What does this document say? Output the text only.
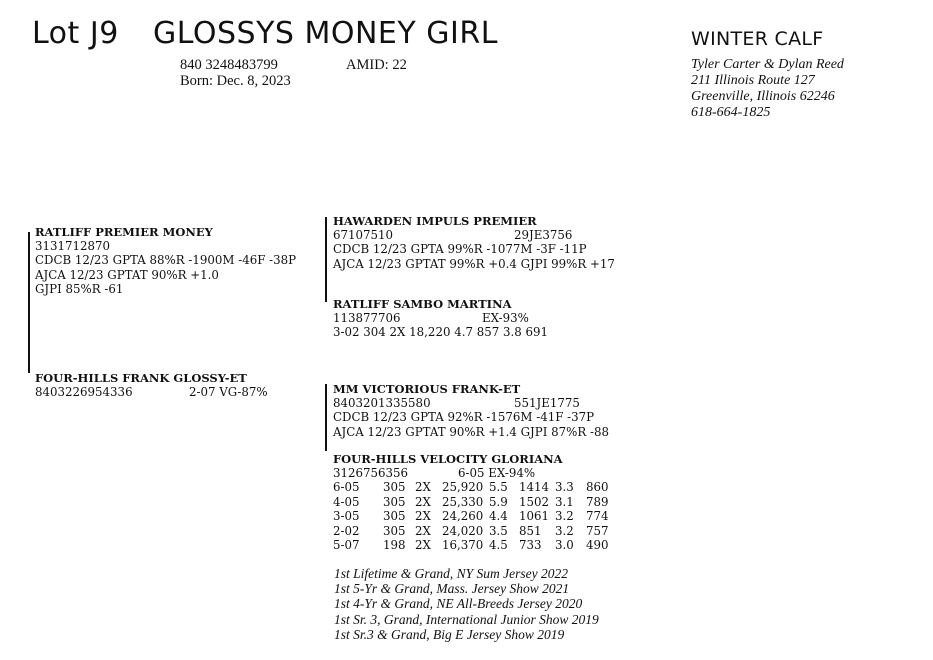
Lot J9 GLOSSYS MONEY GIRL
840 3248483799	AMID: 22
Born: Dec. 8, 2023
WINTER CALF
Tyler Carter & Dylan Reed
211 Illinois Route 127
Greenville, Illinois 62246
618-664-1825
RATLIFF PREMIER MONEY
3131712870
CDCB 12/23 GPTA 88%R -1900M -46F -38P
AJCA 12/23 GPTAT 90%R +1.0
GJPI 85%R -61
HAWARDEN IMPULS PREMIER
67107510	29JE3756
CDCB 12/23 GPTA 99%R -1077M -3F -11P
AJCA 12/23 GPTAT 99%R +0.4 GJPI 99%R +17
RATLIFF SAMBO MARTINA
113877706	EX-93%
3-02 304 2X 18,220 4.7 857 3.8 691
FOUR-HILLS FRANK GLOSSY-ET
8403226954336	2-07 VG-87%	MM VICTORIOUS FRANK-ET
8403201335580	551JE1775
CDCB 12/23 GPTA 92%R -1576M -41F -37P
AJCA 12/23 GPTAT 90%R +1.4 GJPI 87%R -88
FOUR-HILLS VELOCITY GLORIANA
3126756356	6-05 EX-94%
6-05	305	2X	25,920	5.5	1414	3.3	860
4-05	305	2X	25,330	5.9	1502	3.1	789
3-05	305	2X	24,260	4.4	1061	3.2	774
2-02	305	2X	24,020	3.5	851	3.2	757
5-07	198	2X	16,370	4.5	733	3.0	490
1st Lifetime & Grand, NY Sum Jersey 2022
1st 5-Yr & Grand, Mass. Jersey Show 2021
1st 4-Yr & Grand, NE All-Breeds Jersey 2020
1st Sr. 3, Grand, International Junior Show 2019
1st Sr.3 & Grand, Big E Jersey Show 2019
